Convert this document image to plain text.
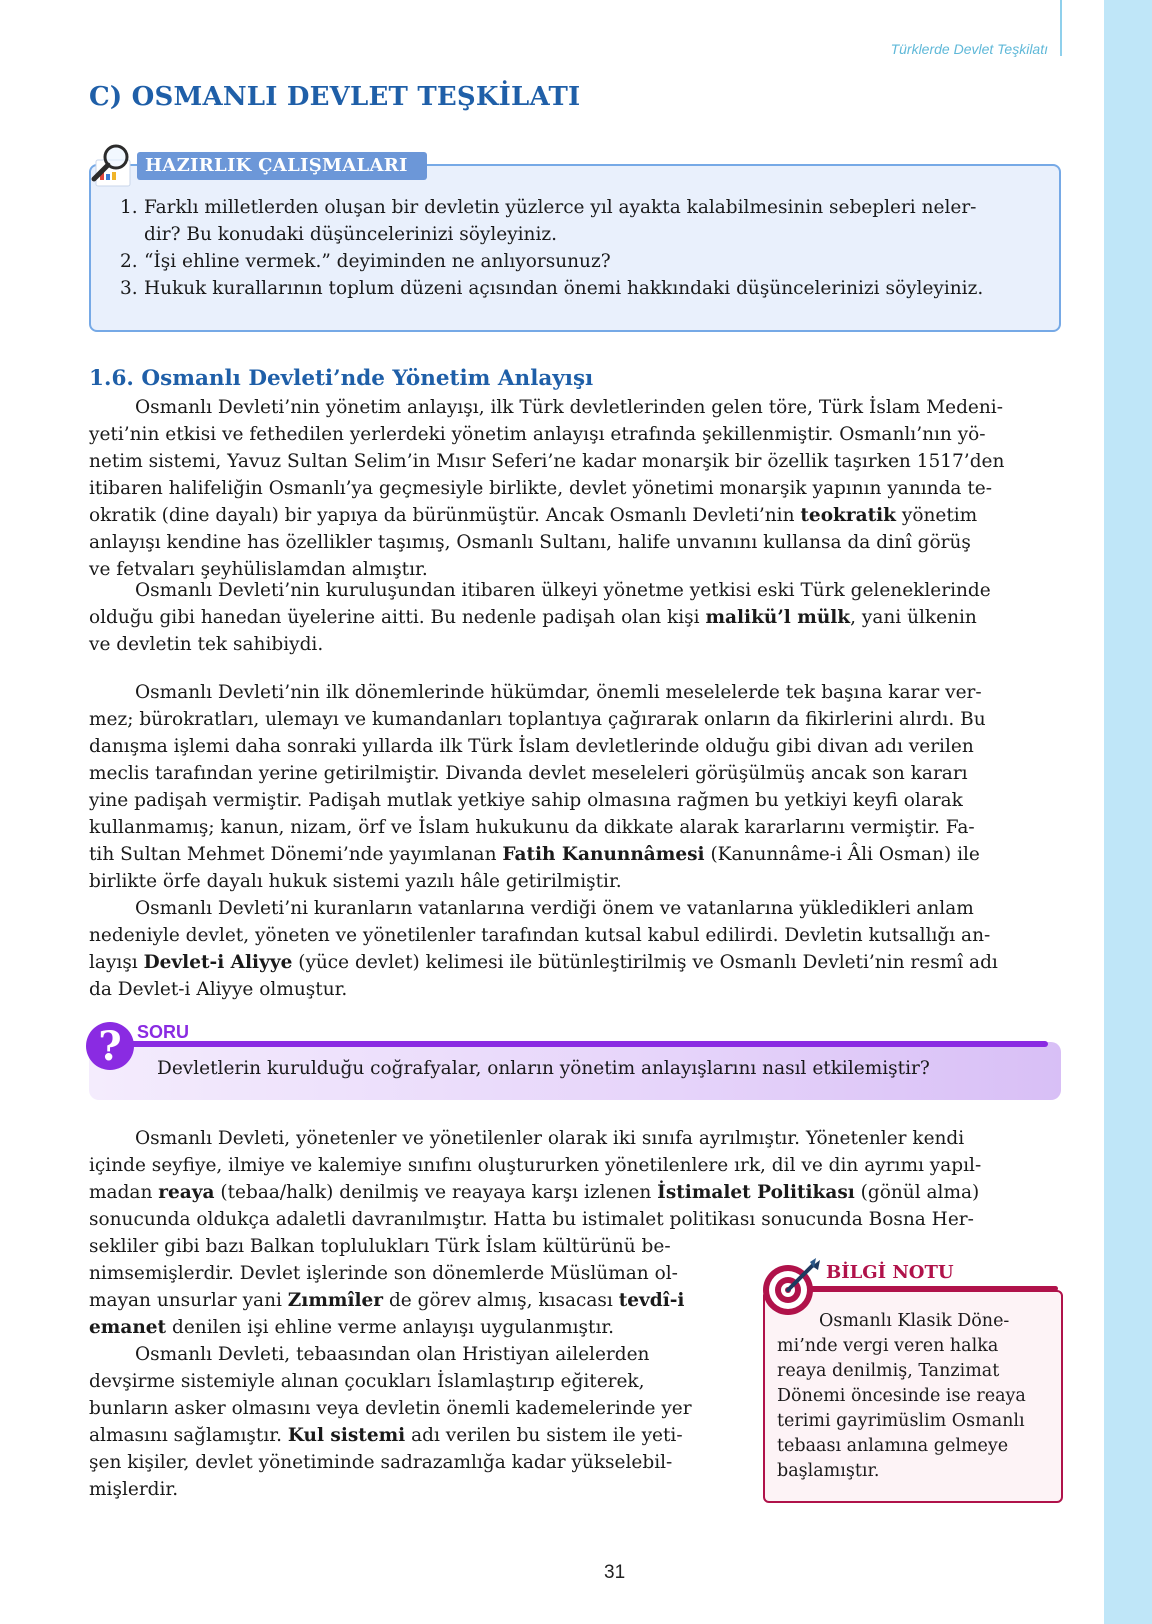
Türklerde Devlet Teşkilatı
C) OSMANLI DEVLET TEŞKİLATI
HAZIRLIK ÇALIŞMALARI
1. Farklı milletlerden oluşan bir devletin yüzlerce yıl ayakta kalabilmesinin sebepleri neler-
dir? Bu konudaki düşüncelerinizi söyleyiniz.
2. “İşi ehline vermek.” deyiminden ne anlıyorsunuz?
3. Hukuk kurallarının toplum düzeni açısından önemi hakkındaki düşüncelerinizi söyleyiniz.
1.6. Osmanlı Devleti’nde Yönetim Anlayışı
Osmanlı Devleti’nin yönetim anlayışı, ilk Türk devletlerinden gelen töre, Türk İslam Medeni-
yeti’nin etkisi ve fethedilen yerlerdeki yönetim anlayışı etrafında şekillenmiştir. Osmanlı’nın yö-
netim sistemi, Yavuz Sultan Selim’in Mısır Seferi’ne kadar monarşik bir özellik taşırken 1517’den
itibaren halifeliğin Osmanlı’ya geçmesiyle birlikte, devlet yönetimi monarşik yapının yanında te-
okratik (dine dayalı) bir yapıya da bürünmüştür. Ancak Osmanlı Devleti’nin teokratik yönetim
anlayışı kendine has özellikler taşımış, Osmanlı Sultanı, halife unvanını kullansa da dinî görüş
ve fetvaları şeyhülislamdan almıştır.
Osmanlı Devleti’nin kuruluşundan itibaren ülkeyi yönetme yetkisi eski Türk geleneklerinde
olduğu gibi hanedan üyelerine aitti. Bu nedenle padişah olan kişi malikü’l mülk, yani ülkenin
ve devletin tek sahibiydi.
Osmanlı Devleti’nin ilk dönemlerinde hükümdar, önemli meselelerde tek başına karar ver-
mez; bürokratları, ulemayı ve kumandanları toplantıya çağırarak onların da fikirlerini alırdı. Bu
danışma işlemi daha sonraki yıllarda ilk Türk İslam devletlerinde olduğu gibi divan adı verilen
meclis tarafından yerine getirilmiştir. Divanda devlet meseleleri görüşülmüş ancak son kararı
yine padişah vermiştir. Padişah mutlak yetkiye sahip olmasına rağmen bu yetkiyi keyfi olarak
kullanmamış; kanun, nizam, örf ve İslam hukukunu da dikkate alarak kararlarını vermiştir. Fa-
tih Sultan Mehmet Dönemi’nde yayımlanan Fatih Kanunnâmesi (Kanunnâme-i Âli Osman) ile
birlikte örfe dayalı hukuk sistemi yazılı hâle getirilmiştir.
Osmanlı Devleti’ni kuranların vatanlarına verdiği önem ve vatanlarına yükledikleri anlam
nedeniyle devlet, yöneten ve yönetilenler tarafından kutsal kabul edilirdi. Devletin kutsallığı an-
layışı Devlet-i Aliyye (yüce devlet) kelimesi ile bütünleştirilmiş ve Osmanlı Devleti’nin resmî adı
da Devlet-i Aliyye olmuştur.
? SORU
Devletlerin kurulduğu coğrafyalar, onların yönetim anlayışlarını nasıl etkilemiştir?
Osmanlı Devleti, yönetenler ve yönetilenler olarak iki sınıfa ayrılmıştır. Yönetenler kendi
içinde seyfiye, ilmiye ve kalemiye sınıfını oluştururken yönetilenlere ırk, dil ve din ayrımı yapıl-
madan reaya (tebaa/halk) denilmiş ve reayaya karşı izlenen İstimalet Politikası (gönül alma)
sonucunda oldukça adaletli davranılmıştır. Hatta bu istimalet politikası sonucunda Bosna Her-
sekliler gibi bazı Balkan toplulukları Türk İslam kültürünü be-
nimsemişlerdir. Devlet işlerinde son dönemlerde Müslüman ol-
mayan unsurlar yani Zımmîler de görev almış, kısacası tevdî-i
emanet denilen işi ehline verme anlayışı uygulanmıştır.
Osmanlı Devleti, tebaasından olan Hristiyan ailelerden
devşirme sistemiyle alınan çocukları İslamlaştırıp eğiterek,
bunların asker olmasını veya devletin önemli kademelerinde yer
almasını sağlamıştır. Kul sistemi adı verilen bu sistem ile yeti-
şen kişiler, devlet yönetiminde sadrazamlığa kadar yükselebil-
mişlerdir.
BİLGİ NOTU
Osmanlı Klasik Döne-
mi’nde vergi veren halka
reaya denilmiş, Tanzimat
Dönemi öncesinde ise reaya
terimi gayrimüslim Osmanlı
tebaası anlamına gelmeye
başlamıştır.
31
